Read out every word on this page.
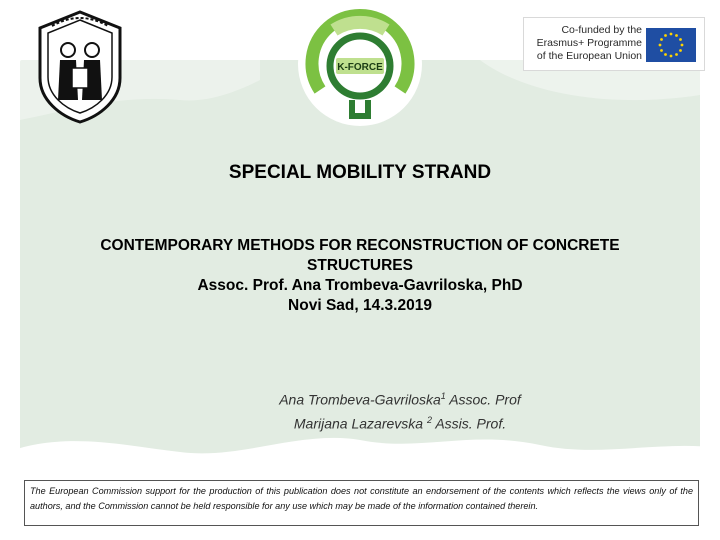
K-FORCE
Co-funded by the
Erasmus+ Programme
of the European Union
SPECIAL MOBILITY STRAND
CONTEMPORARY METHODS FOR RECONSTRUCTION OF CONCRETE
STRUCTURES
Assoc. Prof. Ana Trombeva-Gavriloska, PhD
Novi Sad, 14.3.2019
Ana Trombeva-Gavriloska$^1$ Assoc. Prof
Marijana Lazarevska $^2$ Assis. Prof.
The European Commission support for the production of this publication does not constitute an endorsement of the contents which reflects the views only of the authors, and the Commission cannot be held responsible for any use which may be made of the information contained therein.
